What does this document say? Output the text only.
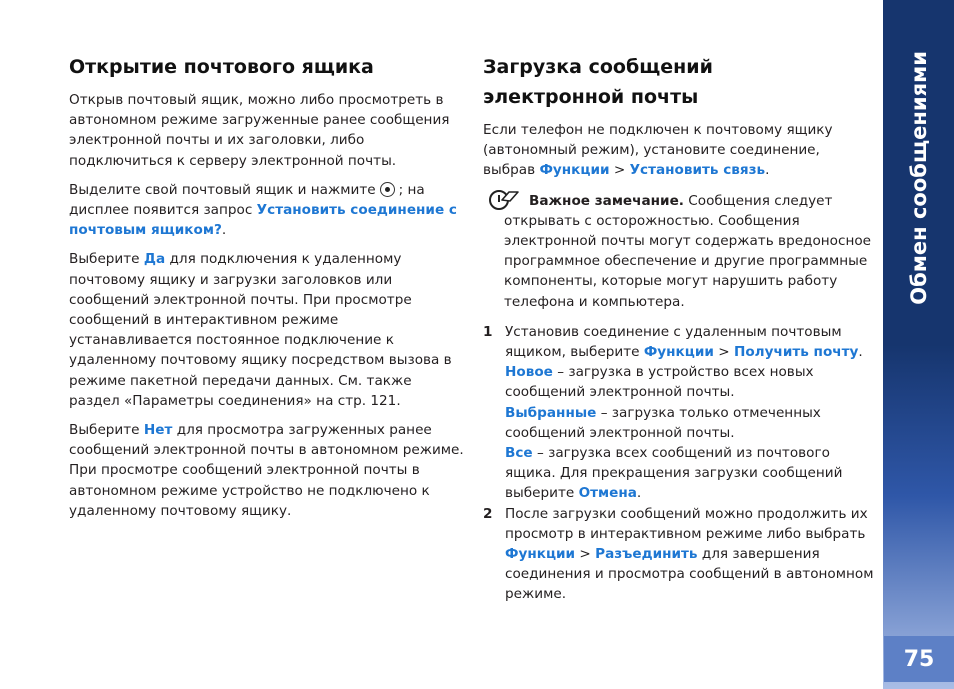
Обмен сообщениями
75
Открытие почтового ящика

Открыв почтовый ящик, можно либо просмотреть в автономном режиме загруженные ранее сообщения электронной почты и их заголовки, либо подключиться к серверу электронной почты.

Выделите свой почтовый ящик и нажмите ; на дисплее появится запрос Установить соединение с почтовым ящиком?.

Выберите Да для подключения к удаленному почтовому ящику и загрузки заголовков или сообщений электронной почты. При просмотре сообщений в интерактивном режиме устанавливается постоянное подключение к удаленному почтовому ящику посредством вызова в режиме пакетной передачи данных. См. также раздел «Параметры соединения» на стр. 121.

Выберите Нет для просмотра загруженных ранее сообщений электронной почты в автономном режиме. При просмотре сообщений электронной почты в автономном режиме устройство не подключено к удаленному почтовому ящику.

Загрузка сообщений
электронной почты

Если телефон не подключен к почтовому ящику (автономный режим), установите соединение, выбрав Функции > Установить связь.

Важное замечание. Сообщения следует открывать с осторожностью. Сообщения электронной почты могут содержать вредоносное программное обеспечение и другие программные компоненты, которые могут нарушить работу телефона и компьютера.

1 Установив соединение с удаленным почтовым ящиком, выберите Функции > Получить почту.

Новое – загрузка в устройство всех новых сообщений электронной почты.

Выбранные – загрузка только отмеченных сообщений электронной почты.

Все – загрузка всех сообщений из почтового ящика. Для прекращения загрузки сообщений выберите Отмена.

2 После загрузки сообщений можно продолжить их просмотр в интерактивном режиме либо выбрать Функции > Разъединить для завершения соединения и просмотра сообщений в автономном режиме.
